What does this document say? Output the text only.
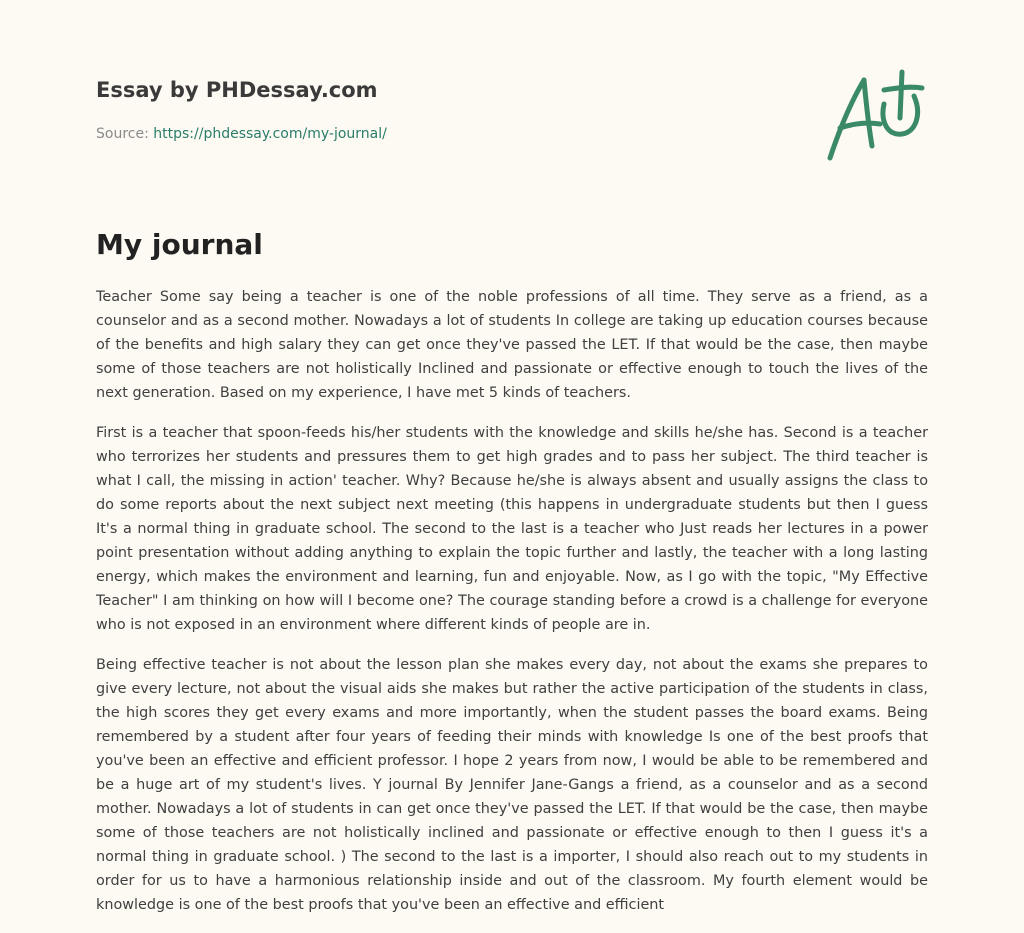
Essay by PHDessay.com
Source: https://phdessay.com/my-journal/
My journal

Teacher Some say being a teacher is one of the noble professions of all time. They serve as a friend, as a counselor and as a second mother. Nowadays a lot of students In college are taking up education courses because of the benefits and high salary they can get once they've passed the LET. If that would be the case, then maybe some of those teachers are not holistically Inclined and passionate or effective enough to touch the lives of the next generation. Based on my experience, I have met 5 kinds of teachers.

First is a teacher that spoon-feeds his/her students with the knowledge and skills he/she has. Second is a teacher who terrorizes her students and pressures them to get high grades and to pass her subject. The third teacher is what I call, the missing in action' teacher. Why? Because he/she is always absent and usually assigns the class to do some reports about the next subject next meeting (this happens in undergraduate students but then I guess It's a normal thing in graduate school. The second to the last is a teacher who Just reads her lectures in a power point presentation without adding anything to explain the topic further and lastly, the teacher with a long lasting energy, which makes the environment and learning, fun and enjoyable. Now, as I go with the topic, "My Effective Teacher" I am thinking on how will I become one? The courage standing before a crowd is a challenge for everyone who is not exposed in an environment where different kinds of people are in.

Being effective teacher is not about the lesson plan she makes every day, not about the exams she prepares to give every lecture, not about the visual aids she makes but rather the active participation of the students in class, the high scores they get every exams and more importantly, when the student passes the board exams. Being remembered by a student after four years of feeding their minds with knowledge Is one of the best proofs that you've been an effective and efficient professor. I hope 2 years from now, I would be able to be remembered and be a huge art of my student's lives. Y journal By Jennifer Jane-Gangs a friend, as a counselor and as a second mother. Nowadays a lot of students in can get once they've passed the LET. If that would be the case, then maybe some of those teachers are not holistically inclined and passionate or effective enough to then I guess it's a normal thing in graduate school. ) The second to the last is a importer, I should also reach out to my students in order for us to have a harmonious relationship inside and out of the classroom. My fourth element would be knowledge is one of the best proofs that you've been an effective and efficient
